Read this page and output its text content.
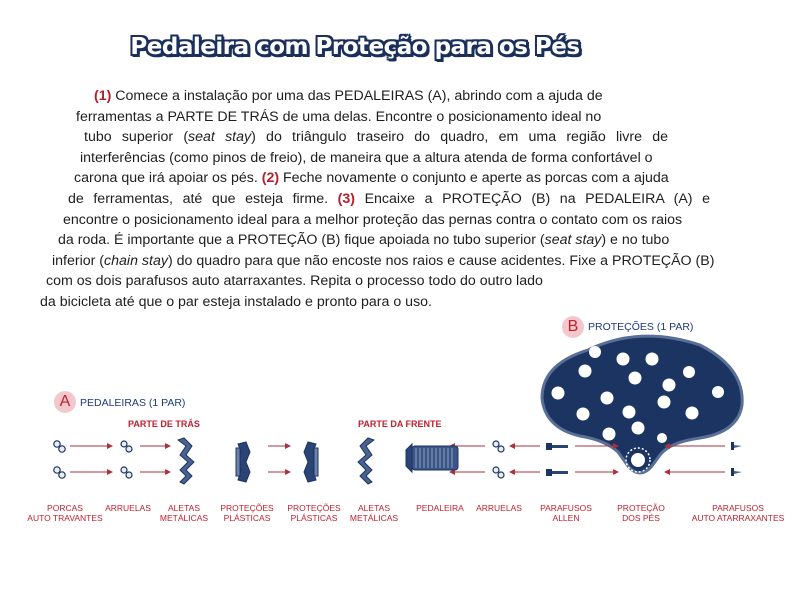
Pedaleira com Proteção para os Pés
(1) Comece a instalação por uma das PEDALEIRAS (A), abrindo com a ajuda de
ferramentas a PARTE DE TRÁS de uma delas. Encontre o posicionamento ideal no
tubo superior (seat stay) do triângulo traseiro do quadro, em uma região livre de
interferências (como pinos de freio), de maneira que a altura atenda de forma confortável o
carona que irá apoiar os pés. (2) Feche novamente o conjunto e aperte as porcas com a ajuda
de ferramentas, até que esteja firme. (3) Encaixe a PROTEÇÃO (B) na PEDALEIRA (A) e
encontre o posicionamento ideal para a melhor proteção das pernas contra o contato com os raios
da roda. É importante que a PROTEÇÃO (B) fique apoiada no tubo superior (seat stay) e no tubo
inferior (chain stay) do quadro para que não encoste nos raios e cause acidentes. Fixe a PROTEÇÃO (B)
com os dois parafusos auto atarraxantes. Repita o processo todo do outro lado
da bicicleta até que o par esteja instalado e pronto para o uso.
B PROTEÇÕES (1 PAR)
A PEDALEIRAS (1 PAR)
PARTE DE TRÁS	PARTE DA FRENTE
PORCAS
AUTO TRAVANTES
ARRUELAS	ALETAS
METÁLICAS
PROTEÇÕES
PLÁSTICAS
PROTEÇÕES
PLÁSTICAS
ALETAS
METÁLICAS
PEDALEIRA	ARRUELAS	PARAFUSOS
ALLEN
PROTEÇÃO
DOS PÉS
PARAFUSOS
AUTO ATARRAXANTES
